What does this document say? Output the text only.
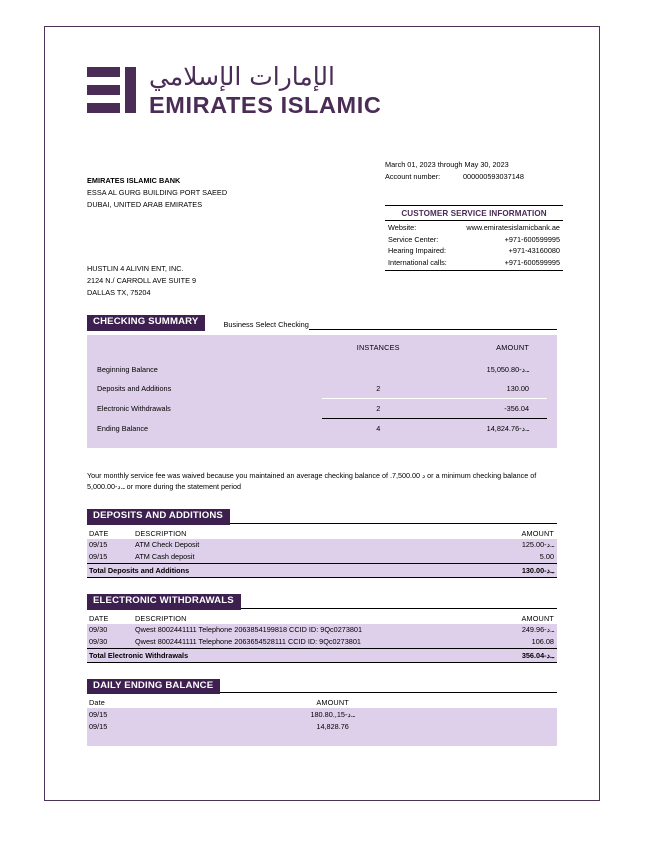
الإمارات الإسلامي
EMIRATES ISLAMIC
EMIRATES ISLAMIC BANK
ESSA AL GURG BUILDING PORT SAEED
DUBAI, UNITED ARAB EMIRATES
March 01, 2023 through May 30, 2023
Account number:	000000593037148
CUSTOMER SERVICE INFORMATION
Website:	www.emiratesislamicbank.ae
Service Center:	+971-600599995
Hearing Impaired:	+971-43160080
International calls:	+971-600599995
HUSTLIN 4 ALIVIN ENT, INC.
2124 N./ CARROLL AVE SUITE 9
DALLAS TX, 75204
CHECKING SUMMARY	Business Select Checking
	INSTANCES	AMOUNT
Beginning Balance		ـ.د-15,050.80
Deposits and Additions	2	130.00
Electronic Withdrawals	2	-356.04
Ending Balance	4	ـ.د-14,824.76
Your monthly service fee was waived because you maintained an average checking balance of .د 7,500.00 or a minimum checking balance of ـ.د-5,000.00 or more during the statement period
DEPOSITS AND ADDITIONS
DATE	DESCRIPTION	AMOUNT
09/15	ATM Check Deposit	ـ.د-125.00
09/15	ATM Cash deposit	5.00
Total Deposits and Additions		ـ.د-130.00
ELECTRONIC WITHDRAWALS
DATE	DESCRIPTION	AMOUNT
09/30	Qwest 8002441111 Telephone 2063854199818 CCID ID: 9Qc0273801	ـ.د-249.96
09/30	Qwest 8002441111 Telephone 2063654528111 CCID ID: 9Qc0273801	106.08
Total Electronic Withdrawals		ـ.د-356.04
DAILY ENDING BALANCE
Date	AMOUNT	
09/15	ـ.د-15,.180.80	
09/15	14,828.76	
